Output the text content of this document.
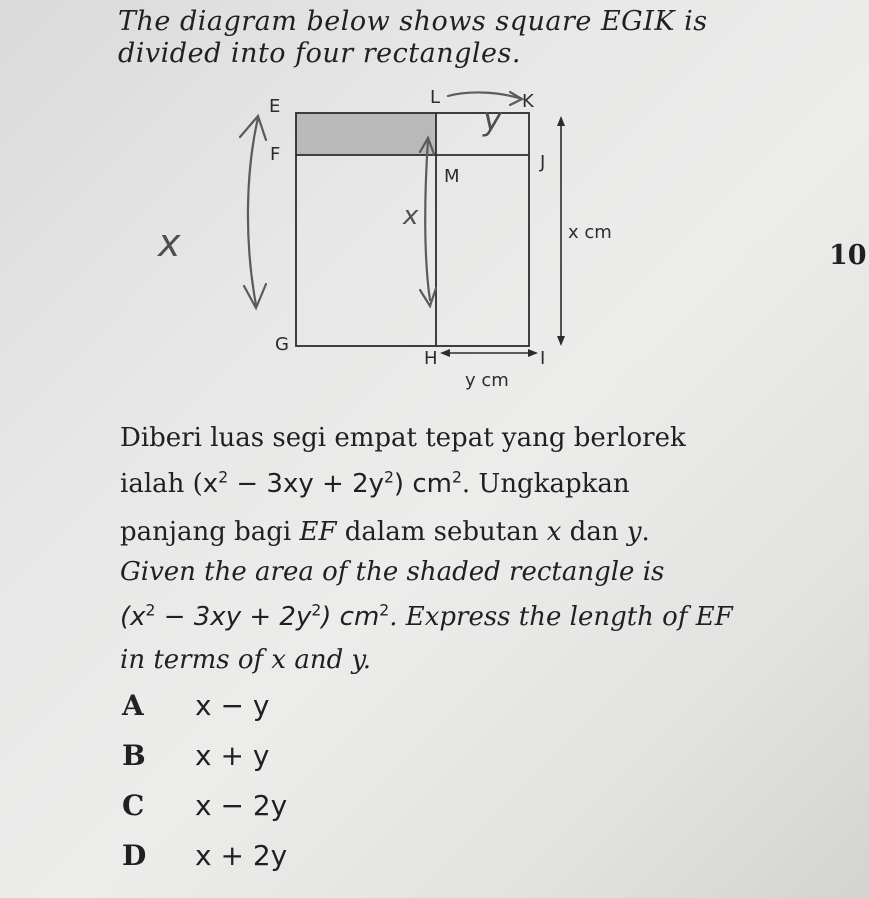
The diagram below shows square EGIK is
divided into four rectangles.
10
x
x
y
E
F
G
H	I
J
K
L
M
x cm
y cm
Diberi luas segi empat tepat yang berlorek
ialah $(x^2 - 3xy + 2y^2)$ $cm^2$. Ungkapkan
panjang bagi EF dalam sebutan x dan y.
Given the area of the shaded rectangle is
$(x^2 - 3xy + 2y^2)$ $cm^2$. Express the length of EF
in terms of x and y.
A x − y
B x + y
C x − 2y
D x + 2y
